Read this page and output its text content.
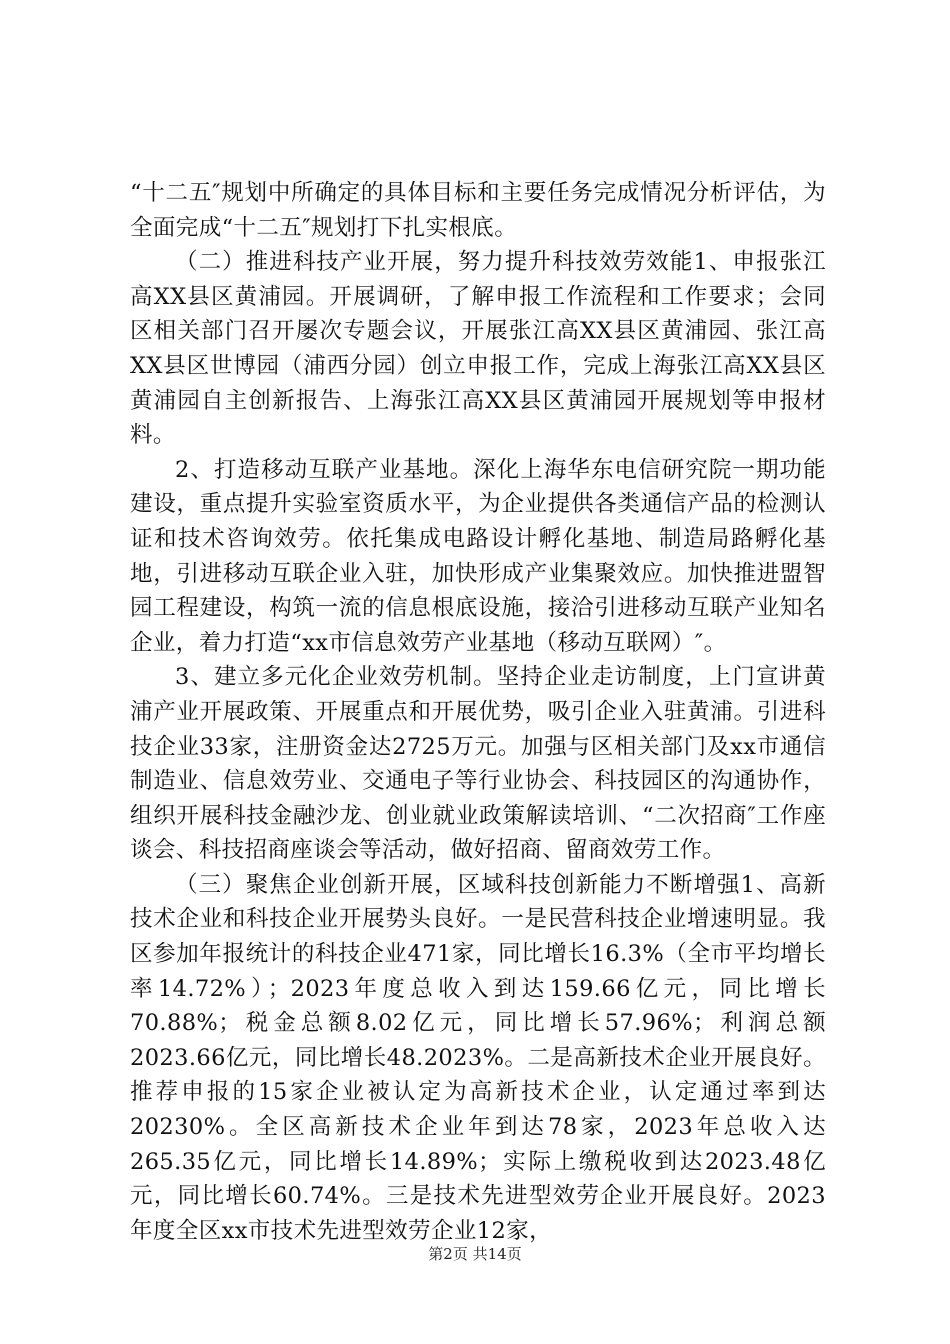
“十二五″规划中所确定的具体目标和主要任务完成情况分析评估，为全面完成“十二五″规划打下扎实根底。

（二）推进科技产业开展，努力提升科技效劳效能1、申报张江高XX县区黄浦园。开展调研，了解申报工作流程和工作要求；会同区相关部门召开屡次专题会议，开展张江高XX县区黄浦园、张江高XX县区世博园（浦西分园）创立申报工作，完成上海张江高XX县区黄浦园自主创新报告、上海张江高XX县区黄浦园开展规划等申报材料。

2、打造移动互联产业基地。深化上海华东电信研究院一期功能建设，重点提升实验室资质水平，为企业提供各类通信产品的检测认证和技术咨询效劳。依托集成电路设计孵化基地、制造局路孵化基地，引进移动互联企业入驻，加快形成产业集聚效应。加快推进盟智园工程建设，构筑一流的信息根底设施，接洽引进移动互联产业知名企业，着力打造“xx市信息效劳产业基地（移动互联网）″。

3、建立多元化企业效劳机制。坚持企业走访制度，上门宣讲黄浦产业开展政策、开展重点和开展优势，吸引企业入驻黄浦。引进科技企业33家，注册资金达2725万元。加强与区相关部门及xx市通信制造业、信息效劳业、交通电子等行业协会、科技园区的沟通协作，组织开展科技金融沙龙、创业就业政策解读培训、“二次招商″工作座谈会、科技招商座谈会等活动，做好招商、留商效劳工作。

（三）聚焦企业创新开展，区域科技创新能力不断增强1、高新技术企业和科技企业开展势头良好。一是民营科技企业增速明显。我区参加年报统计的科技企业471家，同比增长16.3%（全市平均增长率14.72%）；2023年度总收入到达159.66亿元，同比增长70.88%；税金总额8.02亿元，同比增长57.96%；利润总额2023.66亿元，同比增长48.2023%。二是高新技术企业开展良好。推荐申报的15家企业被认定为高新技术企业，认定通过率到达20230%。全区高新技术企业年到达78家，2023年总收入达265.35亿元，同比增长14.89%；实际上缴税收到达2023.48亿元，同比增长60.74%。三是技术先进型效劳企业开展良好。2023年度全区xx市技术先进型效劳企业12家，

第2页 共14页
